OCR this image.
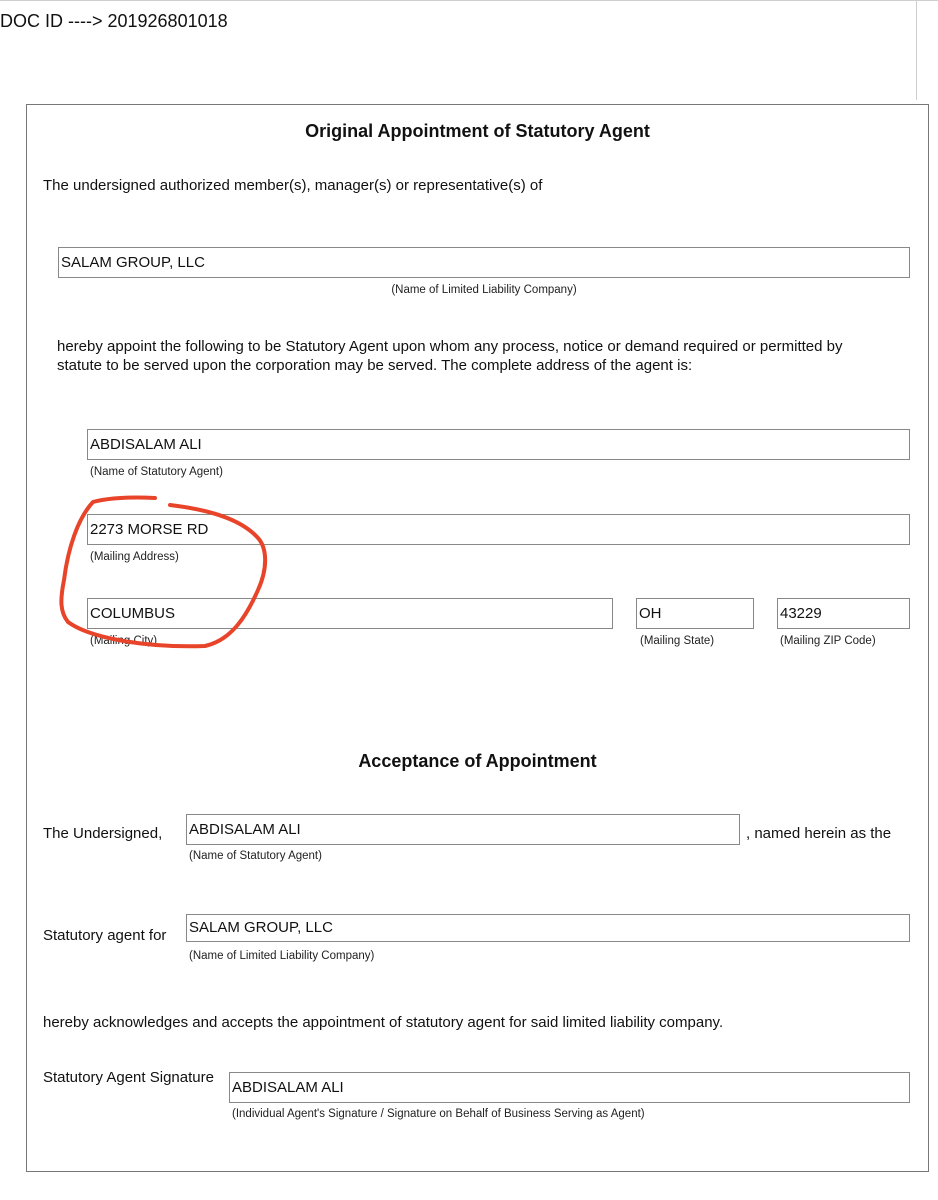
DOC ID ----> 201926801018
Original Appointment of Statutory Agent
The undersigned authorized member(s), manager(s) or representative(s) of
SALAM GROUP, LLC
(Name of Limited Liability Company)
hereby appoint the following to be Statutory Agent upon whom any process, notice or demand required or permitted by
statute to be served upon the corporation may be served. The complete address of the agent is:
ABDISALAM ALI
(Name of Statutory Agent)
2273 MORSE RD
(Mailing Address)
COLUMBUS
(Mailing City)
OH
(Mailing State)
43229
(Mailing ZIP Code)
Acceptance of Appointment
The Undersigned, ABDISALAM ALI	, named herein as the
(Name of Statutory Agent)
Statutory agent for SALAM GROUP, LLC
(Name of Limited Liability Company)
hereby acknowledges and accepts the appointment of statutory agent for said limited liability company.
Statutory Agent Signature
ABDISALAM ALI
(Individual Agent's Signature / Signature on Behalf of Business Serving as Agent)
